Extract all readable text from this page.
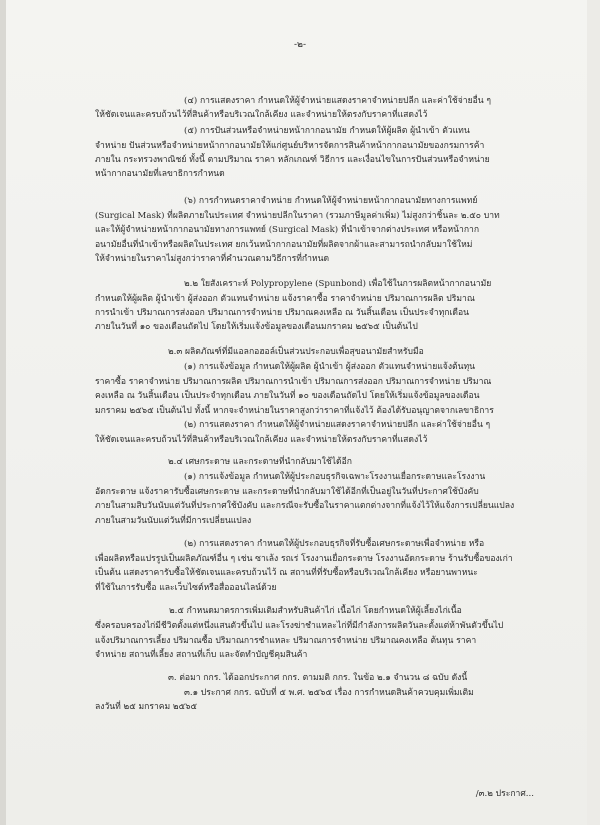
-๒-
(๔) การแสดงราคา กำหนดให้ผู้จำหน่ายแสดงราคาจำหน่ายปลีก และค่าใช้จ่ายอื่น ๆ
ให้ชัดเจนและครบถ้วนไว้ที่สินค้าหรือบริเวณใกล้เคียง และจำหน่ายให้ตรงกับราคาที่แสดงไว้
(๕) การปันส่วนหรือจำหน่ายหน้ากากอนามัย กำหนดให้ผู้ผลิต ผู้นำเข้า ตัวแทน
จำหน่าย ปันส่วนหรือจำหน่ายหน้ากากอนามัยให้แก่ศูนย์บริหารจัดการสินค้าหน้ากากอนามัยของกรมการค้า
ภายใน กระทรวงพาณิชย์ ทั้งนี้ ตามปริมาณ ราคา หลักเกณฑ์ วิธีการ และเงื่อนไขในการปันส่วนหรือจำหน่าย
หน้ากากอนามัยที่เลขาธิการกำหนด
(๖) การกำหนดราคาจำหน่าย กำหนดให้ผู้จำหน่ายหน้ากากอนามัยทางการแพทย์
(Surgical Mask) ที่ผลิตภายในประเทศ จำหน่ายปลีกในราคา (รวมภาษีมูลค่าเพิ่ม) ไม่สูงกว่าชิ้นละ ๒.๕๐ บาท
และให้ผู้จำหน่ายหน้ากากอนามัยทางการแพทย์ (Surgical Mask) ที่นำเข้าจากต่างประเทศ หรือหน้ากาก
อนามัยอื่นที่นำเข้าหรือผลิตในประเทศ ยกเว้นหน้ากากอนามัยที่ผลิตจากผ้าและสามารถนำกลับมาใช้ใหม่
ให้จำหน่ายในราคาไม่สูงกว่าราคาที่คำนวณตามวิธีการที่กำหนด
๒.๒ ใยสังเคราะห์ Polypropylene (Spunbond) เพื่อใช้ในการผลิตหน้ากากอนามัย
กำหนดให้ผู้ผลิต ผู้นำเข้า ผู้ส่งออก ตัวแทนจำหน่าย แจ้งราคาซื้อ ราคาจำหน่าย ปริมาณการผลิต ปริมาณ
การนำเข้า ปริมาณการส่งออก ปริมาณการจำหน่าย ปริมาณคงเหลือ ณ วันสิ้นเดือน เป็นประจำทุกเดือน
ภายในวันที่ ๑๐ ของเดือนถัดไป โดยให้เริ่มแจ้งข้อมูลของเดือนมกราคม ๒๕๖๕ เป็นต้นไป
๒.๓ ผลิตภัณฑ์ที่มีแอลกอฮอล์เป็นส่วนประกอบเพื่อสุขอนามัยสำหรับมือ
(๑) การแจ้งข้อมูล กำหนดให้ผู้ผลิต ผู้นำเข้า ผู้ส่งออก ตัวแทนจำหน่ายแจ้งต้นทุน
ราคาซื้อ ราคาจำหน่าย ปริมาณการผลิต ปริมาณการนำเข้า ปริมาณการส่งออก ปริมาณการจำหน่าย ปริมาณ
คงเหลือ ณ วันสิ้นเดือน เป็นประจำทุกเดือน ภายในวันที่ ๑๐ ของเดือนถัดไป โดยให้เริ่มแจ้งข้อมูลของเดือน
มกราคม ๒๕๖๕ เป็นต้นไป ทั้งนี้ หากจะจำหน่ายในราคาสูงกว่าราคาที่แจ้งไว้ ต้องได้รับอนุญาตจากเลขาธิการ
(๒) การแสดงราคา กำหนดให้ผู้จำหน่ายแสดงราคาจำหน่ายปลีก และค่าใช้จ่ายอื่น ๆ
ให้ชัดเจนและครบถ้วนไว้ที่สินค้าหรือบริเวณใกล้เคียง และจำหน่ายให้ตรงกับราคาที่แสดงไว้
๒.๔ เศษกระดาษ และกระดาษที่นำกลับมาใช้ได้อีก
(๑) การแจ้งข้อมูล กำหนดให้ผู้ประกอบธุรกิจเฉพาะโรงงานเยื่อกระดาษและโรงงาน
อัดกระดาษ แจ้งราคารับซื้อเศษกระดาษ และกระดาษที่นำกลับมาใช้ได้อีกที่เป็นอยู่ในวันที่ประกาศใช้บังคับ
ภายในสามสิบวันนับแต่วันที่ประกาศใช้บังคับ และกรณีจะรับซื้อในราคาแตกต่างจากที่แจ้งไว้ให้แจ้งการเปลี่ยนแปลง
ภายในสามวันนับแต่วันที่มีการเปลี่ยนแปลง
(๒) การแสดงราคา กำหนดให้ผู้ประกอบธุรกิจที่รับซื้อเศษกระดาษเพื่อจำหน่าย หรือ
เพื่อผลิตหรือแปรรูปเป็นผลิตภัณฑ์อื่น ๆ เช่น ซาเล้ง รถเร่ โรงงานเยื่อกระดาษ โรงงานอัดกระดาษ ร้านรับซื้อของเก่า
เป็นต้น แสดงราคารับซื้อให้ชัดเจนและครบถ้วนไว้ ณ สถานที่ที่รับซื้อหรือบริเวณใกล้เคียง หรือยานพาหนะ
ที่ใช้ในการรับซื้อ และเว็บไซต์หรือสื่อออนไลน์ด้วย
๒.๕ กำหนดมาตรการเพิ่มเติมสำหรับสินค้าไก่ เนื้อไก่ โดยกำหนดให้ผู้เลี้ยงไก่เนื้อ
ซึ่งครอบครองไก่มีชีวิตตั้งแต่หนึ่งแสนตัวขึ้นไป และโรงฆ่าชำแหละไก่ที่มีกำลังการผลิตวันละตั้งแต่ห้าพันตัวขึ้นไป
แจ้งปริมาณการเลี้ยง ปริมาณซื้อ ปริมาณการชำแหละ ปริมาณการจำหน่าย ปริมาณคงเหลือ ต้นทุน ราคา
จำหน่าย สถานที่เลี้ยง สถานที่เก็บ และจัดทำบัญชีคุมสินค้า
๓. ต่อมา กกร. ได้ออกประกาศ กกร. ตามมติ กกร. ในข้อ ๒.๑ จำนวน ๘ ฉบับ ดังนี้
๓.๑ ประกาศ กกร. ฉบับที่ ๕ พ.ศ. ๒๕๖๕ เรื่อง การกำหนดสินค้าควบคุมเพิ่มเติม
ลงวันที่ ๒๕ มกราคม ๒๕๖๕
/๓.๒ ประกาศ...
